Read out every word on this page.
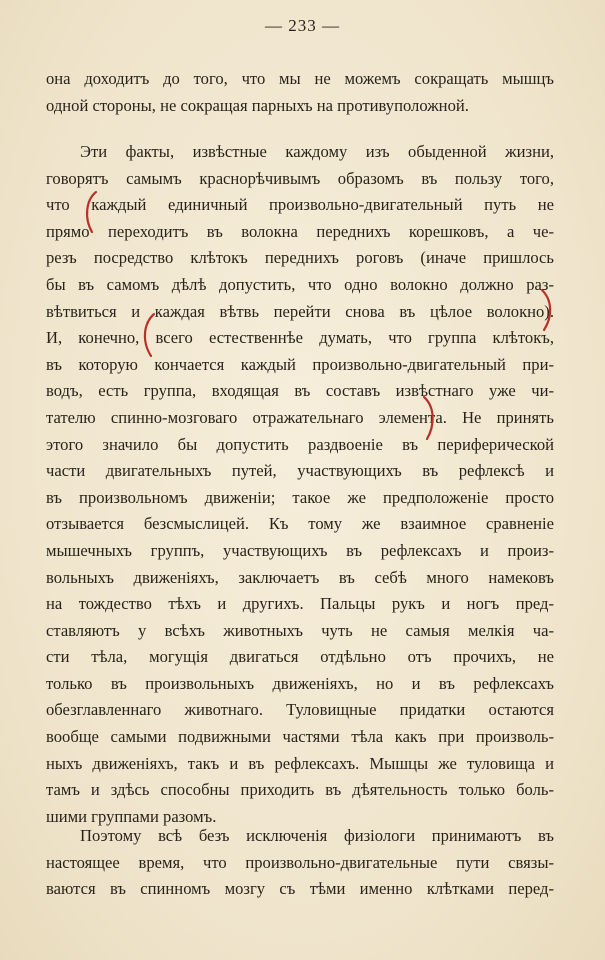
— 233 —
она доходитъ до того, что мы не можемъ сокращать мышцъ
одной стороны, не сокращая парныхъ на противуположной.
Эти факты, извѣстные каждому изъ обыденной жизни,
говорятъ самымъ краснорѣчивымъ образомъ въ пользу того,
что каждый единичный произвольно-двигательный путь не
прямо переходитъ въ волокна переднихъ корешковъ, а че-
резъ посредство клѣтокъ переднихъ роговъ (иначе пришлось
бы въ самомъ дѣлѣ допустить, что одно волокно должно раз-
вѣтвиться и каждая вѣтвь перейти снова въ цѣлое волокно).
И, конечно, всего естественнѣе думать, что группа клѣтокъ,
въ которую кончается каждый произвольно-двигательный при-
водъ, есть группа, входящая въ составъ извѣстнаго уже чи-
тателю спинно-мозговаго отражательнаго элемента. Не принять
этого значило бы допустить раздвоеніе въ периферической
части двигательныхъ путей, участвующихъ въ рефлексѣ и
въ произвольномъ движеніи; такое же предположеніе просто
отзывается безсмыслицей. Къ тому же взаимное сравненіе
мышечныхъ группъ, участвующихъ въ рефлексахъ и произ-
вольныхъ движеніяхъ, заключаетъ въ себѣ много намековъ
на тождество тѣхъ и другихъ. Пальцы рукъ и ногъ пред-
ставляютъ у всѣхъ животныхъ чуть не самыя мелкія ча-
сти тѣла, могущія двигаться отдѣльно отъ прочихъ, не
только въ произвольныхъ движеніяхъ, но и въ рефлексахъ
обезглавленнаго животнаго. Туловищные придатки остаются
вообще самыми подвижными частями тѣла какъ при произволь-
ныхъ движеніяхъ, такъ и въ рефлексахъ. Мышцы же туловища и
тамъ и здѣсь способны приходить въ дѣятельность только боль-
шими группами разомъ.
Поэтому всѣ безъ исключенія физіологи принимаютъ въ
настоящее время, что произвольно-двигательные пути связы-
ваются въ спинномъ мозгу съ тѣми именно клѣтками перед-
